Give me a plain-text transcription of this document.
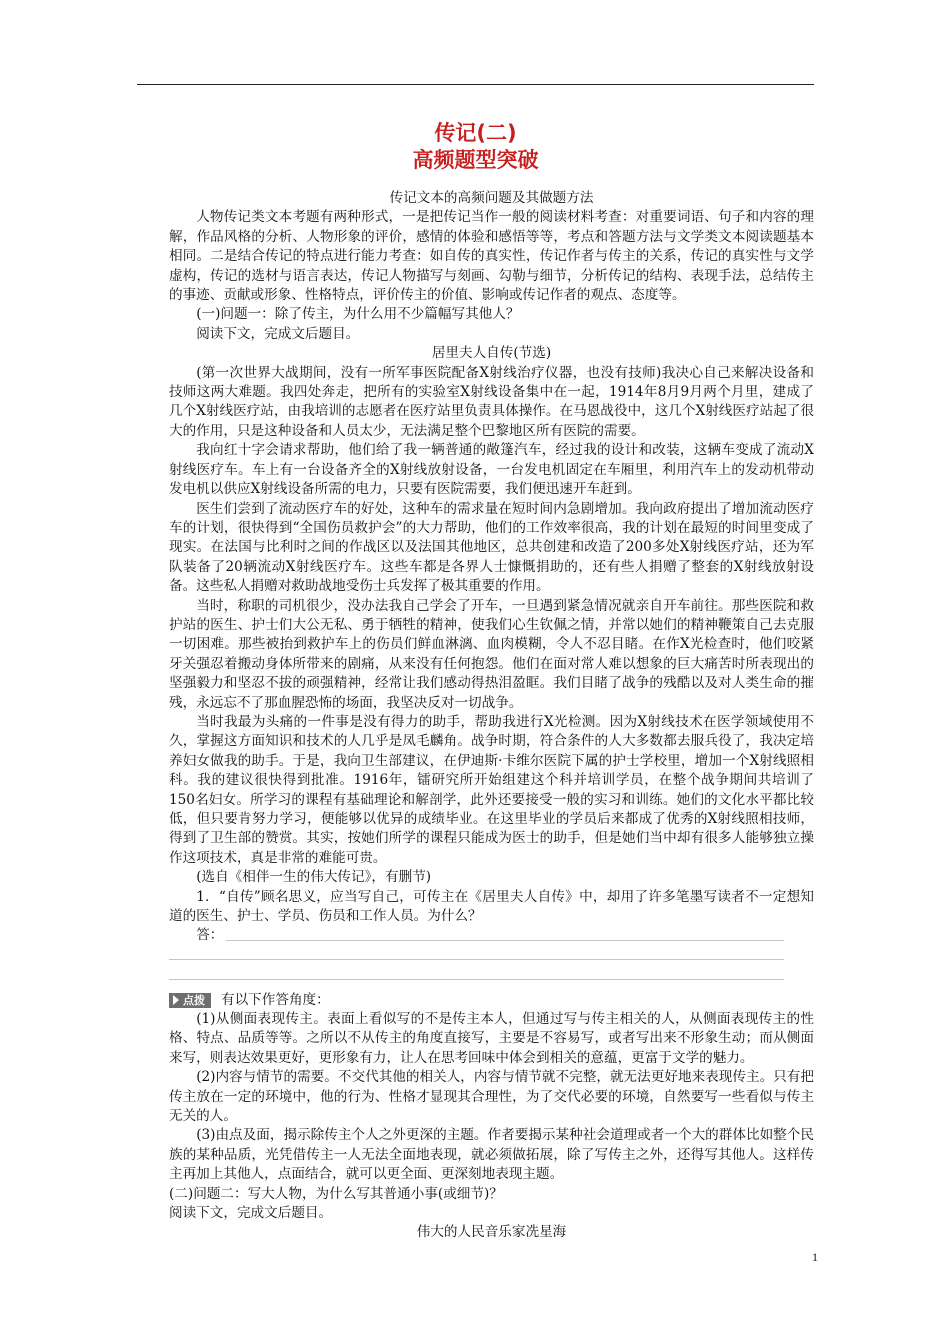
传记(二)
高频题型突破

传记文本的高频问题及其做题方法

人物传记类文本考题有两种形式，一是把传记当作一般的阅读材料考查：对重要词语、句子和内容的理解，作品风格的分析、人物形象的评价，感情的体验和感悟等等，考点和答题方法与文学类文本阅读题基本相同。二是结合传记的特点进行能力考查：如自传的真实性，传记作者与传主的关系，传记的真实性与文学虚构，传记的选材与语言表达，传记人物描写与刻画、勾勒与细节，分析传记的结构、表现手法，总结传主的事迹、贡献或形象、性格特点，评价传主的价值、影响或传记作者的观点、态度等。

(一)问题一：除了传主，为什么用不少篇幅写其他人？

阅读下文，完成文后题目。

居里夫人自传(节选)

(第一次世界大战期间，没有一所军事医院配备X射线治疗仪器，也没有技师)我决心自己来解决设备和技师这两大难题。我四处奔走，把所有的实验室X射线设备集中在一起，1914年8月9月两个月里，建成了几个X射线医疗站，由我培训的志愿者在医疗站里负责具体操作。在马恩战役中，这几个X射线医疗站起了很大的作用，只是这种设备和人员太少，无法满足整个巴黎地区所有医院的需要。

我向红十字会请求帮助，他们给了我一辆普通的敞篷汽车，经过我的设计和改装，这辆车变成了流动X射线医疗车。车上有一台设备齐全的X射线放射设备，一台发电机固定在车厢里，利用汽车上的发动机带动发电机以供应X射线设备所需的电力，只要有医院需要，我们便迅速开车赶到。

医生们尝到了流动医疗车的好处，这种车的需求量在短时间内急剧增加。我向政府提出了增加流动医疗车的计划，很快得到“全国伤员救护会”的大力帮助，他们的工作效率很高，我的计划在最短的时间里变成了现实。在法国与比利时之间的作战区以及法国其他地区，总共创建和改造了200多处X射线医疗站，还为军队装备了20辆流动X射线医疗车。这些车都是各界人士慷慨捐助的，还有些人捐赠了整套的X射线放射设备。这些私人捐赠对救助战地受伤士兵发挥了极其重要的作用。

当时，称职的司机很少，没办法我自己学会了开车，一旦遇到紧急情况就亲自开车前往。那些医院和救护站的医生、护士们大公无私、勇于牺牲的精神，使我们心生钦佩之情，并常以她们的精神鞭策自己去克服一切困难。那些被抬到救护车上的伤员们鲜血淋漓、血肉模糊，令人不忍目睹。在作X光检查时，他们咬紧牙关强忍着搬动身体所带来的剧痛，从来没有任何抱怨。他们在面对常人难以想象的巨大痛苦时所表现出的坚强毅力和坚忍不拔的顽强精神，经常让我们感动得热泪盈眶。我们目睹了战争的残酷以及对人类生命的摧残，永远忘不了那血腥恐怖的场面，我坚决反对一切战争。

当时我最为头痛的一件事是没有得力的助手，帮助我进行X光检测。因为X射线技术在医学领域使用不久，掌握这方面知识和技术的人几乎是凤毛麟角。战争时期，符合条件的人大多数都去服兵役了，我决定培养妇女做我的助手。于是，我向卫生部建议，在伊迪斯·卡维尔医院下属的护士学校里，增加一个X射线照相科。我的建议很快得到批准。1916年，镭研究所开始组建这个科并培训学员，在整个战争期间共培训了150名妇女。所学习的课程有基础理论和解剖学，此外还要接受一般的实习和训练。她们的文化水平都比较低，但只要肯努力学习，便能够以优异的成绩毕业。在这里毕业的学员后来都成了优秀的X射线照相技师，得到了卫生部的赞赏。其实，按她们所学的课程只能成为医士的助手，但是她们当中却有很多人能够独立操作这项技术，真是非常的难能可贵。

(选自《相伴一生的伟大传记》，有删节)

1．“自传”顾名思义，应当写自己，可传主在《居里夫人自传》中，却用了许多笔墨写读者不一定想知道的医生、护士、学员、伤员和工作人员。为什么？

答：
点拨 有以下作答角度：

(1)从侧面表现传主。表面上看似写的不是传主本人，但通过写与传主相关的人，从侧面表现传主的性格、特点、品质等等。之所以不从传主的角度直接写，主要是不容易写，或者写出来不形象生动；而从侧面来写，则表达效果更好，更形象有力，让人在思考回味中体会到相关的意蕴，更富于文学的魅力。

(2)内容与情节的需要。不交代其他的相关人，内容与情节就不完整，就无法更好地来表现传主。只有把传主放在一定的环境中，他的行为、性格才显现其合理性，为了交代必要的环境，自然要写一些看似与传主无关的人。

(3)由点及面，揭示除传主个人之外更深的主题。作者要揭示某种社会道理或者一个大的群体比如整个民族的某种品质，光凭借传主一人无法全面地表现，就必须做拓展，除了写传主之外，还得写其他人。这样传主再加上其他人，点面结合，就可以更全面、更深刻地表现主题。

(二)问题二：写大人物，为什么写其普通小事(或细节)？

阅读下文，完成文后题目。

伟大的人民音乐家冼星海

1
